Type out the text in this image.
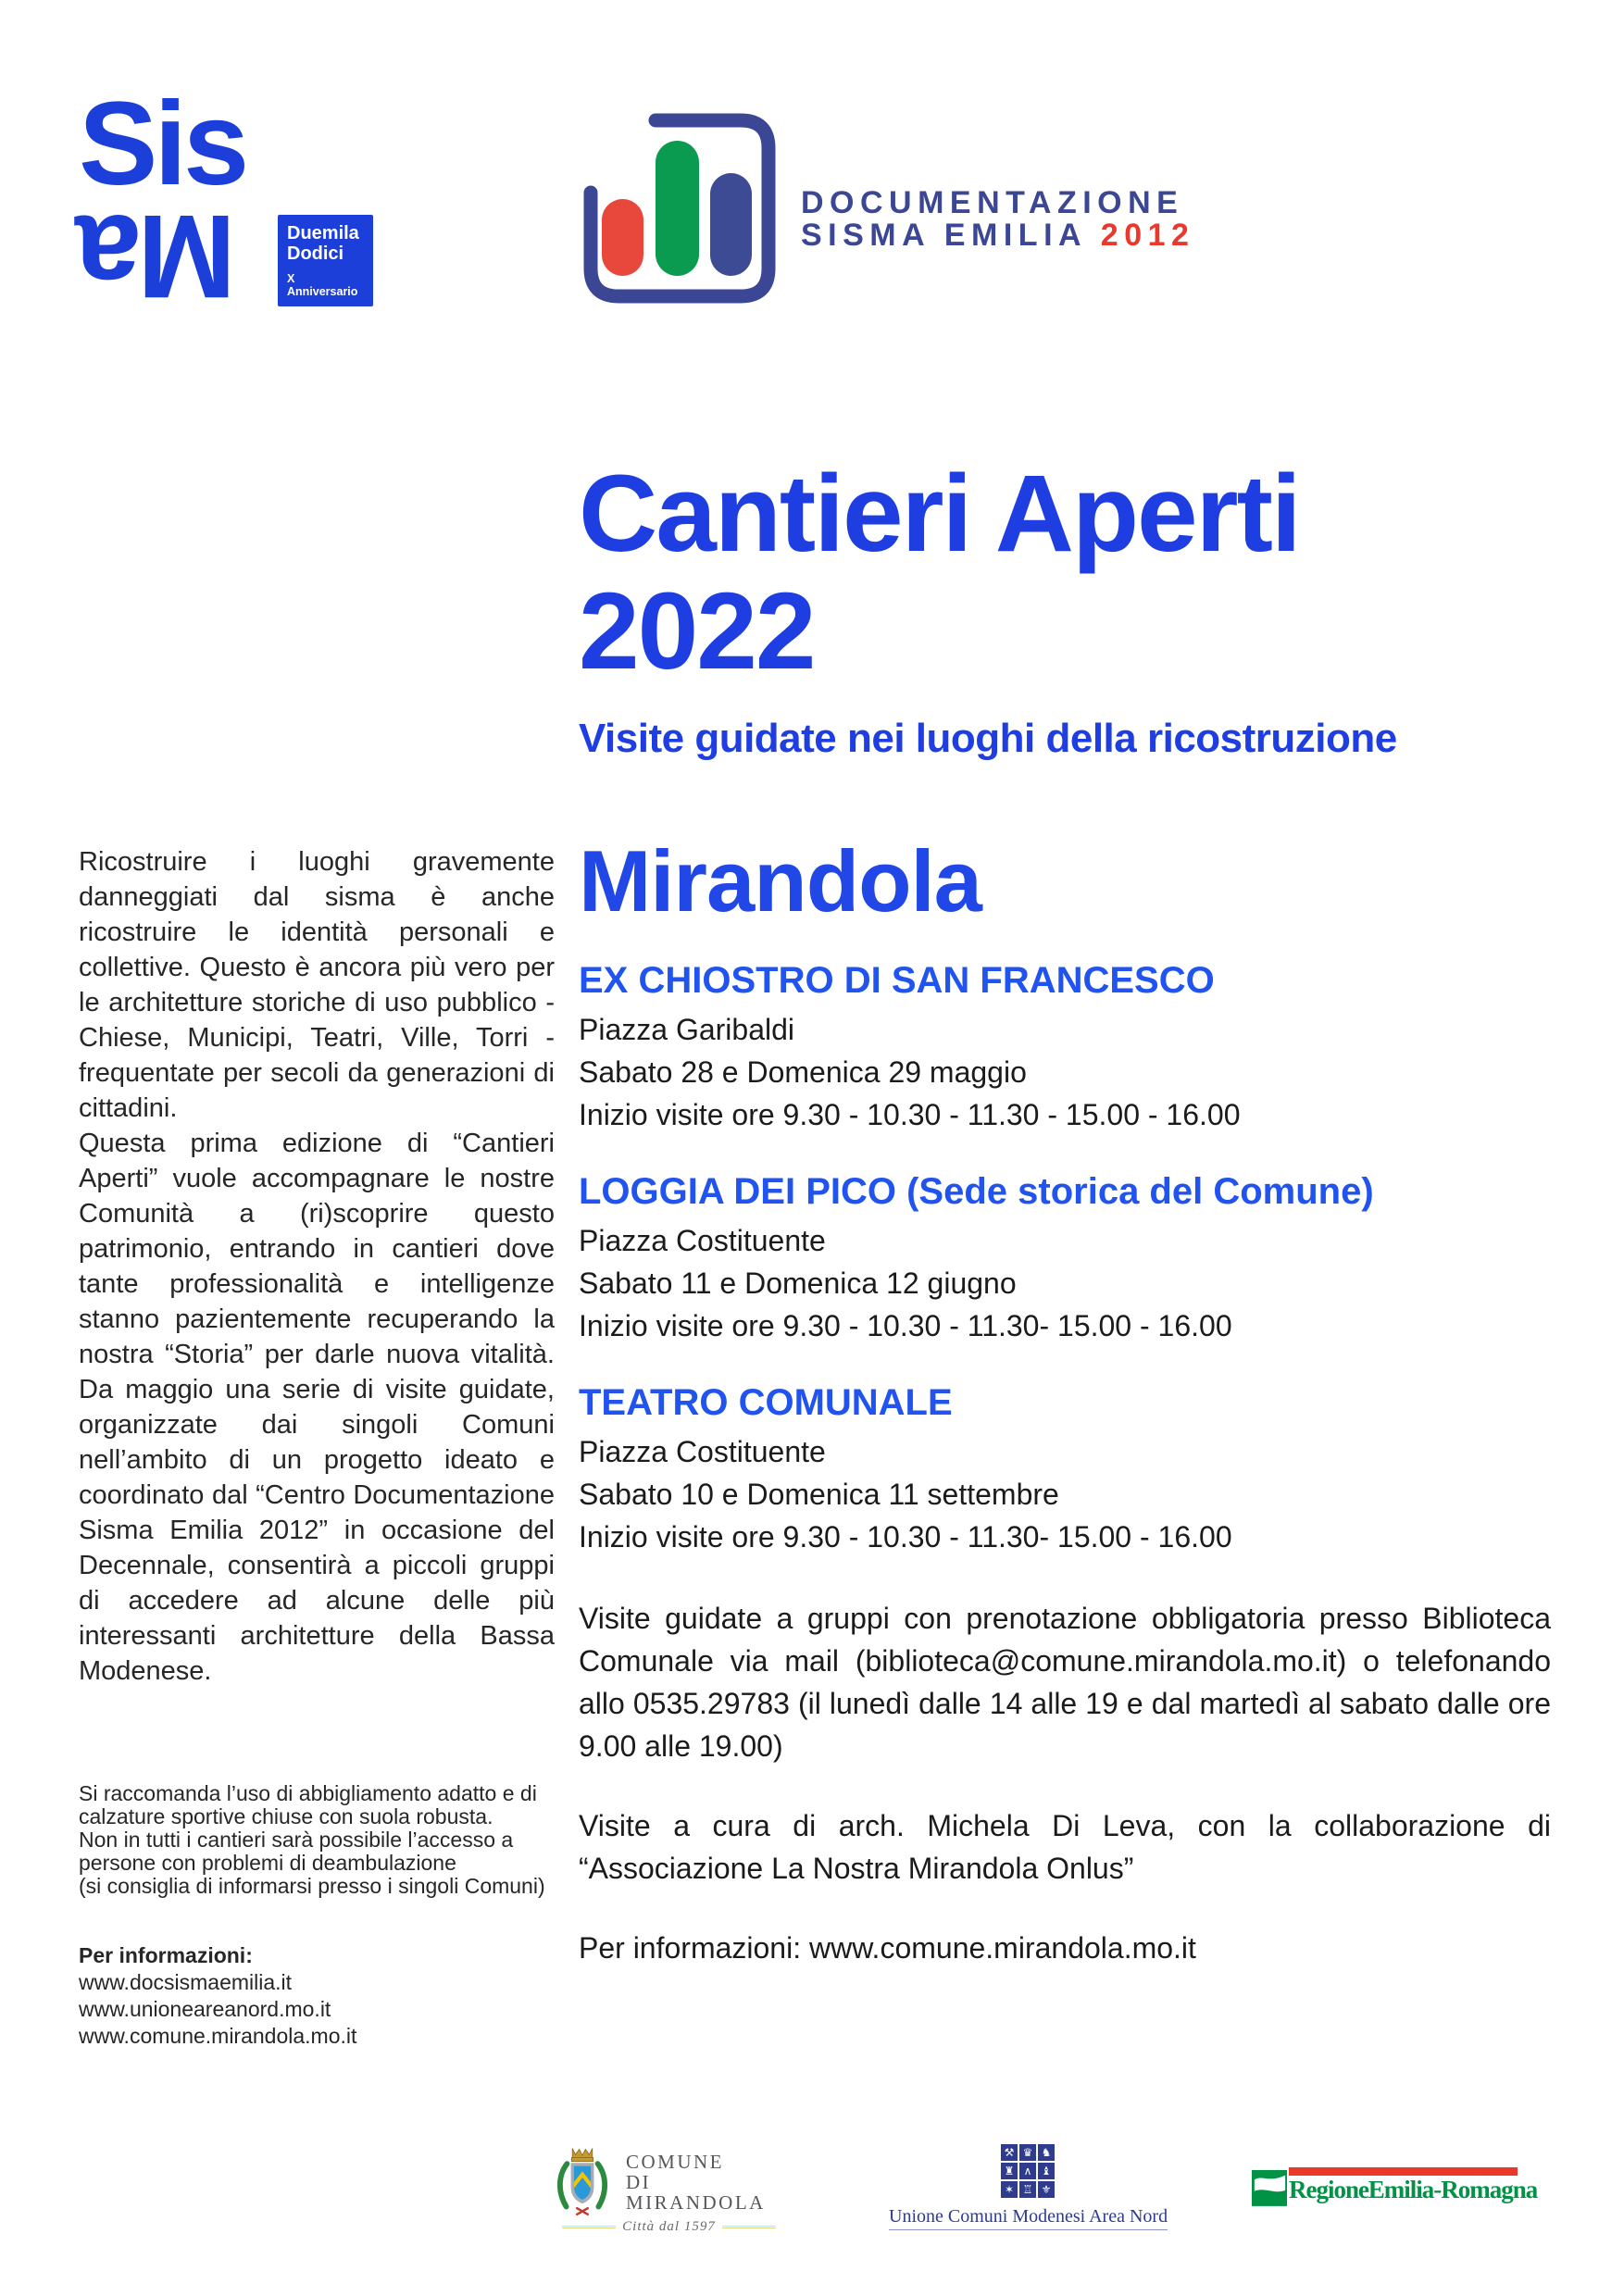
Sis
Ma	Duemila
Dodici
X Anniversario
DOCUMENTAZIONE
SISMA EMILIA 2012
Cantieri Aperti
2022
Visite guidate nei luoghi della ricostruzione

Ricostruire i luoghi gravemente danneggiati dal sisma è anche ricostruire le identità personali e collettive. Questo è ancora più vero per le architetture storiche di uso pubblico - Chiese, Municipi, Teatri, Ville, Torri - frequentate per secoli da generazioni di cittadini.

Questa prima edizione di “Cantieri Aperti” vuole accompagnare le nostre Comunità a (ri)scoprire questo patrimonio, entrando in cantieri dove tante professionalità e intelligenze stanno pazientemente recuperando la nostra “Storia” per darle nuova vitalità. Da maggio una serie di visite guidate, organizzate dai singoli Comuni nell’ambito di un progetto ideato e coordinato dal “Centro Documentazione Sisma Emilia 2012” in occasione del Decennale, consentirà a piccoli gruppi di accedere ad alcune delle più interessanti architetture della Bassa Modenese.

Mirandola
EX CHIOSTRO DI SAN FRANCESCO
Piazza Garibaldi
Sabato 28 e Domenica 29 maggio
Inizio visite ore 9.30 - 10.30 - 11.30 - 15.00 - 16.00
LOGGIA DEI PICO (Sede storica del Comune)
Piazza Costituente
Sabato 11 e Domenica 12 giugno
Inizio visite ore 9.30 - 10.30 - 11.30- 15.00 - 16.00
TEATRO COMUNALE
Piazza Costituente
Sabato 10 e Domenica 11 settembre
Inizio visite ore 9.30 - 10.30 - 11.30- 15.00 - 16.00
Visite guidate a gruppi con prenotazione obbligatoria presso Biblioteca Comunale via mail (biblioteca@comune.mirandola.mo.it) o telefonando allo 0535.29783 (il lunedì dalle 14 alle 19 e dal martedì al sabato dalle ore 9.00 alle 19.00)
Visite a cura di arch. Michela Di Leva, con la collaborazione di “Associazione La Nostra Mirandola Onlus”
Per informazioni: www.comune.mirandola.mo.it
Si raccomanda l’uso di abbigliamento adatto e di
calzature sportive chiuse con suola robusta.
Non in tutti i cantieri sarà possibile l’accesso a
persone con problemi di deambulazione
(si consiglia di informarsi presso i singoli Comuni)
Per informazioni:
www.docsismaemilia.it
www.unioneareanord.mo.it
www.comune.mirandola.mo.it
COMUNE
DI
MIRANDOLA
Città dal 1597
⚒ ♛ ♞
♜ ∧ ♝
✶ ♖ ⚜
Unione Comuni Modenesi Area Nord
Regione Emilia-Romagna
